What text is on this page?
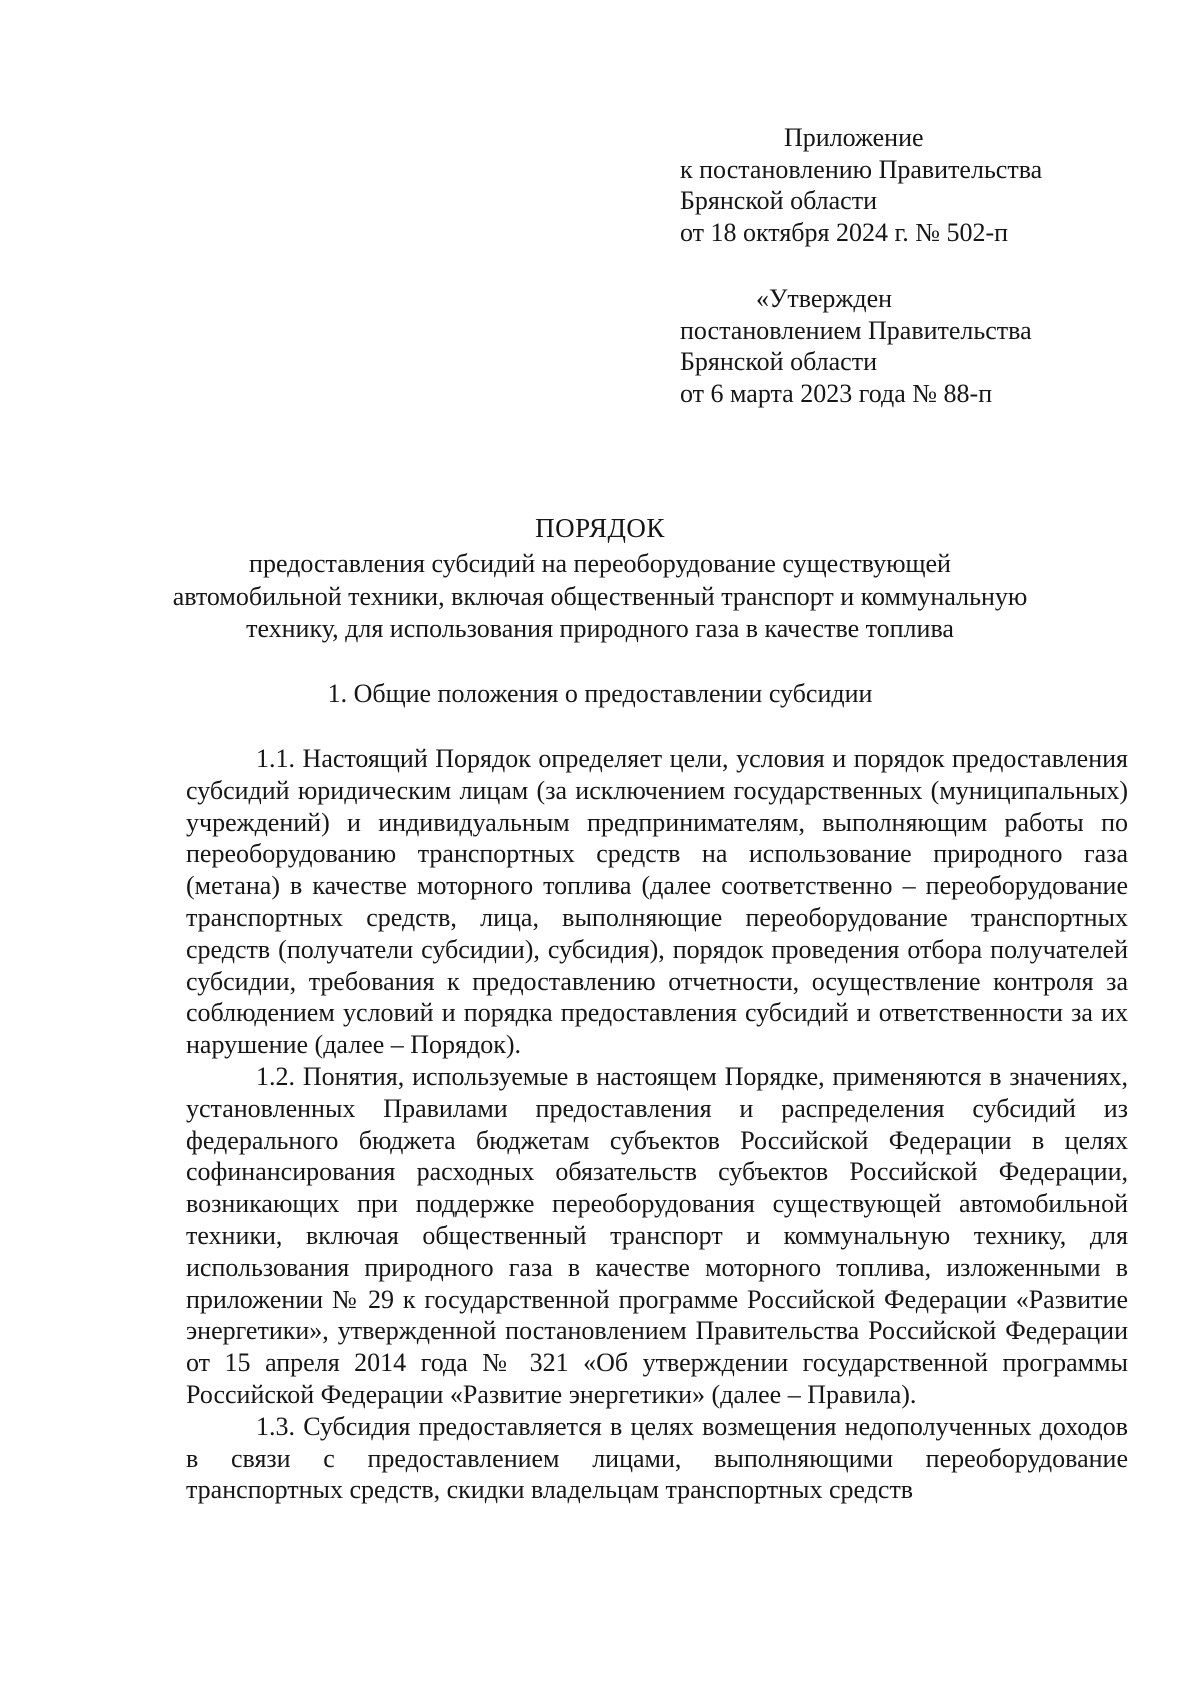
Приложение
к постановлению Правительства
Брянской области
от 18 октября 2024 г. № 502-п
«Утвержден
постановлением Правительства
Брянской области
от 6 марта 2023 года № 88-п
ПОРЯДОК
предоставления субсидий на переоборудование существующей
автомобильной техники, включая общественный транспорт и коммунальную
технику, для использования природного газа в качестве топлива
1. Общие положения о предоставлении субсидии

1.1. Настоящий Порядок определяет цели, условия и порядок предоставления субсидий юридическим лицам (за исключением государственных (муниципальных) учреждений) и индивидуальным предпринимателям, выполняющим работы по переоборудованию транспортных средств на использование природного газа (метана) в качестве моторного топлива (далее соответственно – переоборудование транспортных средств, лица, выполняющие переоборудование транспортных средств (получатели субсидии), субсидия), порядок проведения отбора получателей субсидии, требования к предоставлению отчетности, осуществление контроля за соблюдением условий и порядка предоставления субсидий и ответственности за их нарушение (далее – Порядок).

1.2. Понятия, используемые в настоящем Порядке, применяются в значениях, установленных Правилами предоставления и распределения субсидий из федерального бюджета бюджетам субъектов Российской Федерации в целях софинансирования расходных обязательств субъектов Российской Федерации, возникающих при поддержке переоборудования существующей автомобильной техники, включая общественный транспорт и коммунальную технику, для использования природного газа в качестве моторного топлива, изложенными в приложении № 29 к государственной программе Российской Федерации «Развитие энергетики», утвержденной постановлением Правительства Российской Федерации от 15 апреля 2014 года № 321 «Об утверждении государственной программы Российской Федерации «Развитие энергетики» (далее – Правила).

1.3. Субсидия предоставляется в целях возмещения недополученных доходов в связи с предоставлением лицами, выполняющими переоборудование транспортных средств, скидки владельцам транспортных средств
